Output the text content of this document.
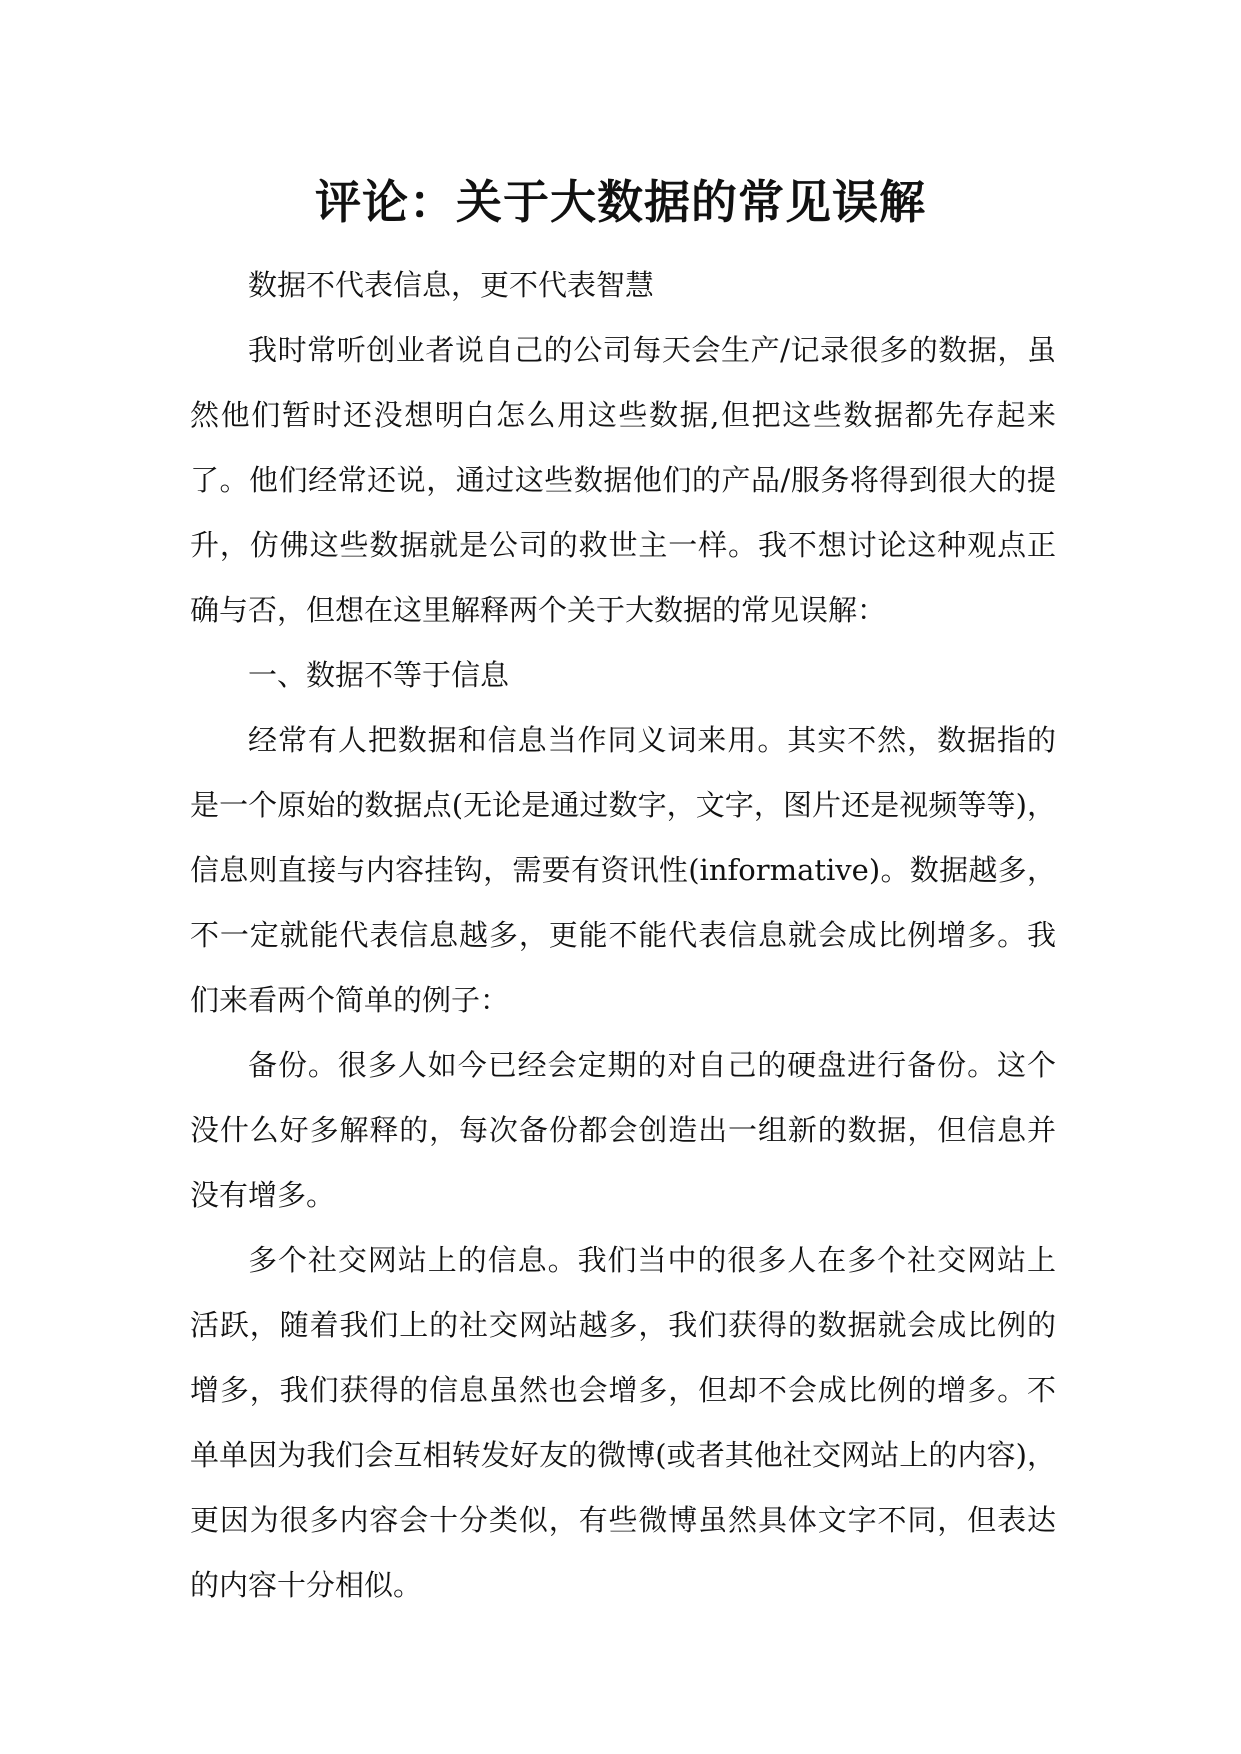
评论：关于大数据的常见误解

数据不代表信息，更不代表智慧

我时常听创业者说自己的公司每天会生产/记录很多的数据，虽然他们暂时还没想明白怎么用这些数据,但把这些数据都先存起来了。他们经常还说，通过这些数据他们的产品/服务将得到很大的提升，仿佛这些数据就是公司的救世主一样。我不想讨论这种观点正确与否，但想在这里解释两个关于大数据的常见误解：

一、数据不等于信息

经常有人把数据和信息当作同义词来用。其实不然，数据指的是一个原始的数据点(无论是通过数字，文字，图片还是视频等等)，信息则直接与内容挂钩，需要有资讯性(informative)。数据越多，不一定就能代表信息越多，更能不能代表信息就会成比例增多。我们来看两个简单的例子：

备份。很多人如今已经会定期的对自己的硬盘进行备份。这个没什么好多解释的，每次备份都会创造出一组新的数据，但信息并没有增多。

多个社交网站上的信息。我们当中的很多人在多个社交网站上活跃，随着我们上的社交网站越多，我们获得的数据就会成比例的增多，我们获得的信息虽然也会增多，但却不会成比例的增多。不单单因为我们会互相转发好友的微博(或者其他社交网站上的内容)，更因为很多内容会十分类似，有些微博虽然具体文字不同，但表达的内容十分相似。
